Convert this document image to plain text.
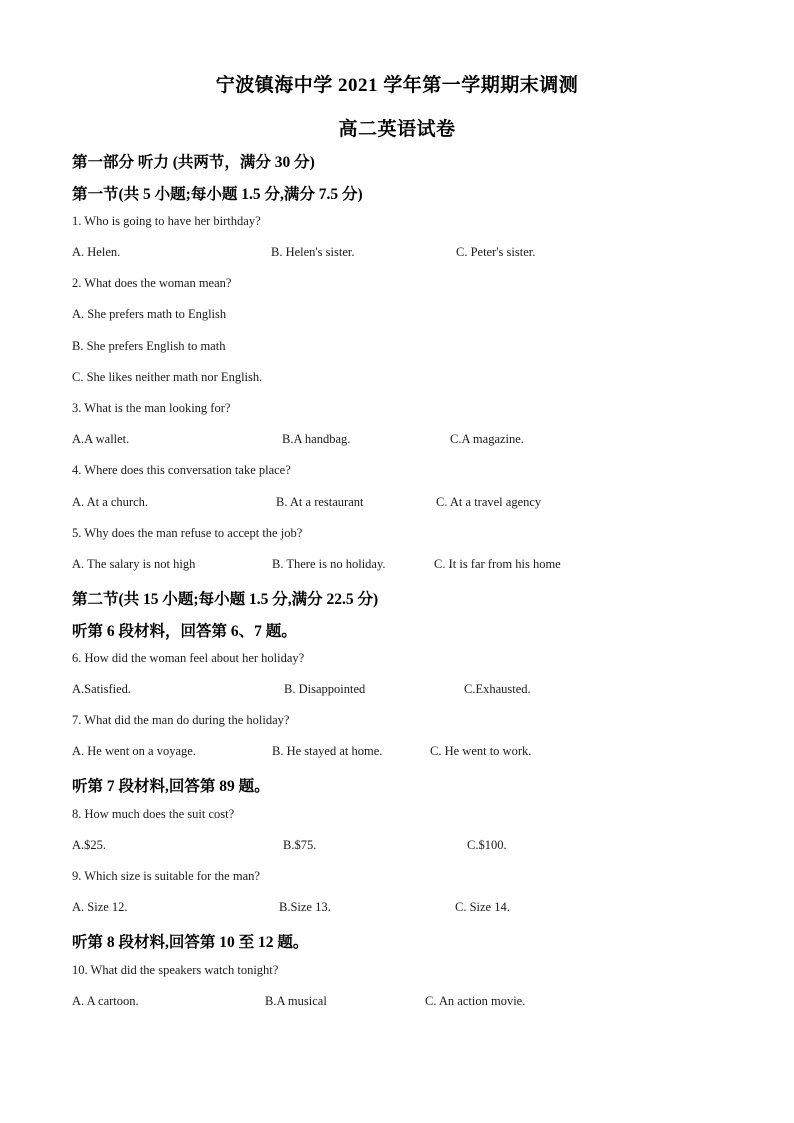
宁波镇海中学 2021 学年第一学期期末调测
高二英语试卷
第一部分 听力 (共两节，满分 30 分)
第一节(共 5 小题;每小题 1.5 分,满分 7.5 分)
1. Who is going to have her birthday?
A. Helen.	B. Helen's sister.	C. Peter's sister.
2. What does the woman mean?
A. She prefers math to English
B. She prefers English to math
C. She likes neither math nor English.
3. What is the man looking for?
A.A wallet.	B.A handbag.	C.A magazine.
4. Where does this conversation take place?
A. At a church.	B. At a restaurant	C. At a travel agency
5. Why does the man refuse to accept the job?
A. The salary is not high	B. There is no holiday.	C. It is far from his home
第二节(共 15 小题;每小题 1.5 分,满分 22.5 分)
听第 6 段材料，回答第 6、7 题。
6. How did the woman feel about her holiday?
A.Satisfied.	B. Disappointed	C.Exhausted.
7. What did the man do during the holiday?
A. He went on a voyage.	B. He stayed at home.	C. He went to work.
听第 7 段材料,回答第 89 题。
8. How much does the suit cost?
A.$25.	B.$75.	C.$100.
9. Which size is suitable for the man?
A. Size 12.	B.Size 13.	C. Size 14.
听第 8 段材料,回答第 10 至 12 题。
10. What did the speakers watch tonight?
A. A cartoon.	B.A musical	C. An action movie.
